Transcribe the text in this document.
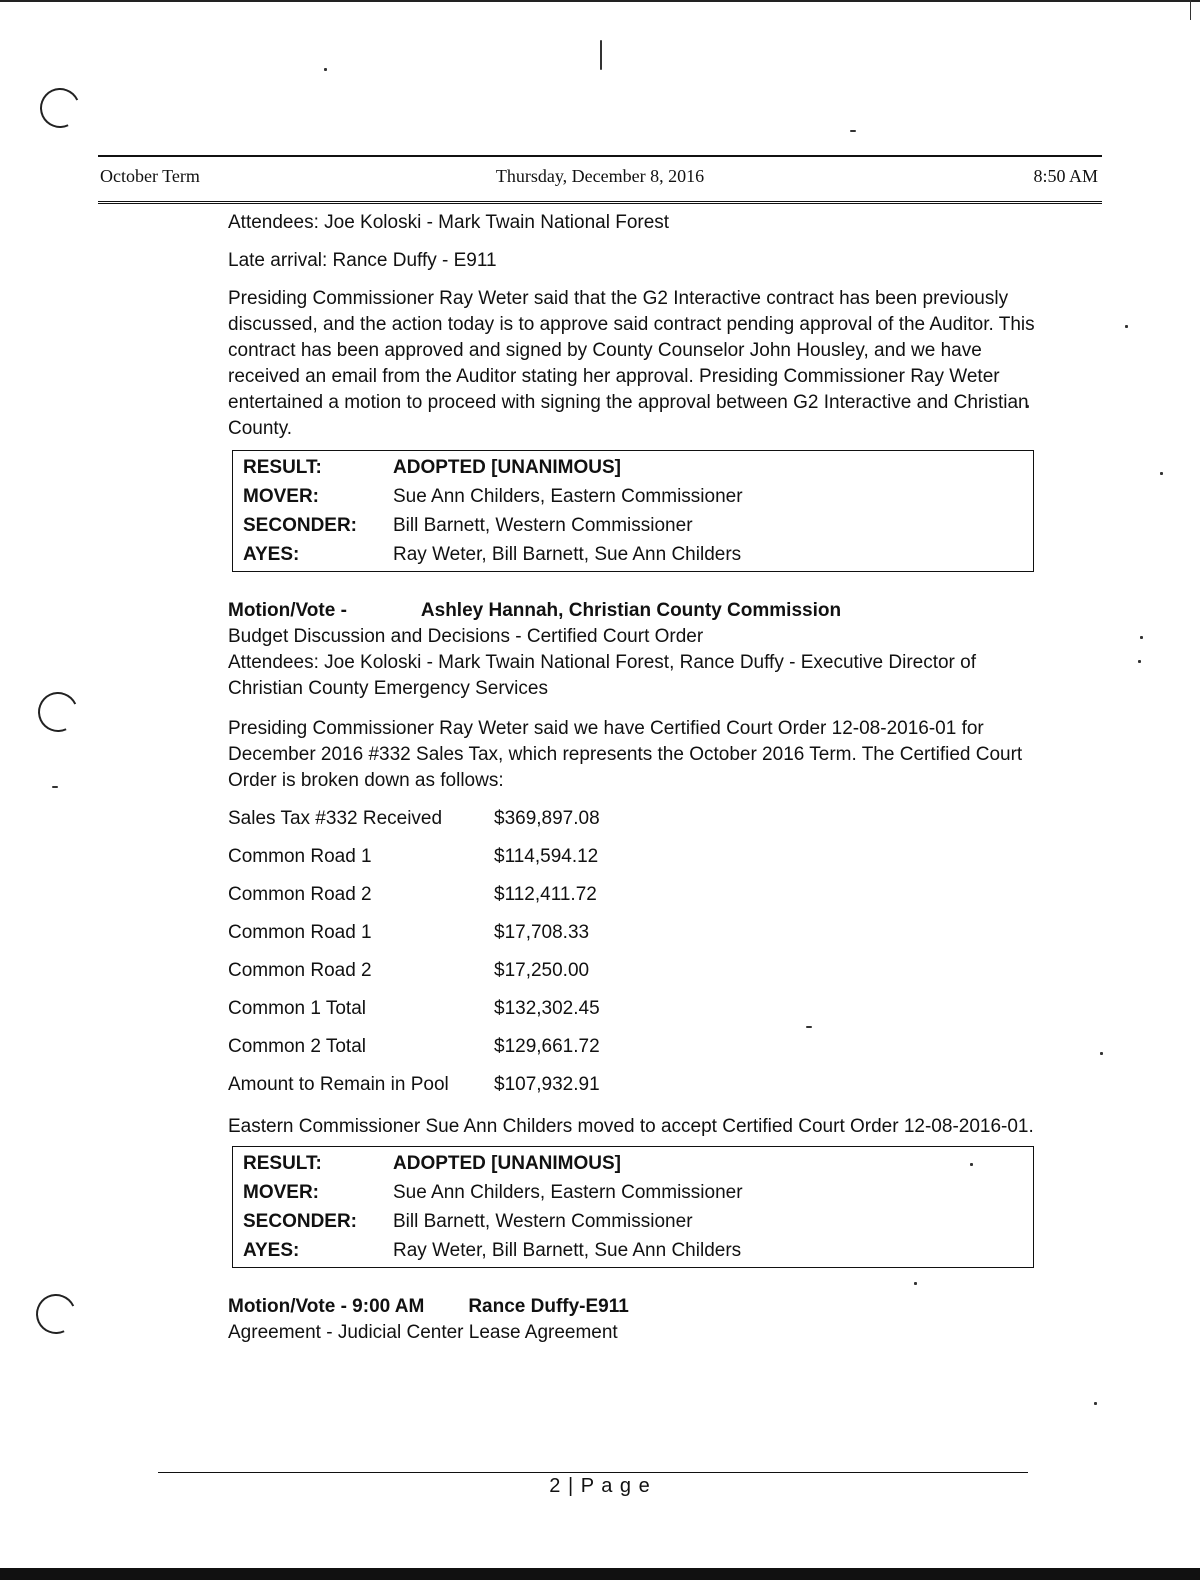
October Term	Thursday, December 8, 2016	8:50 AM

Attendees: Joe Koloski - Mark Twain National Forest

Late arrival: Rance Duffy - E911

Presiding Commissioner Ray Weter said that the G2 Interactive contract has been previously discussed, and the action today is to approve said contract pending approval of the Auditor. This contract has been approved and signed by County Counselor John Housley, and we have received an email from the Auditor stating her approval. Presiding Commissioner Ray Weter entertained a motion to proceed with signing the approval between G2 Interactive and Christian County.

RESULT:	ADOPTED [UNANIMOUS]
MOVER:	Sue Ann Childers, Eastern Commissioner
SECONDER:	Bill Barnett, Western Commissioner
AYES:	Ray Weter, Bill Barnett, Sue Ann Childers
Motion/Vote -	Ashley Hannah, Christian County Commission

Budget Discussion and Decisions - Certified Court Order

Attendees: Joe Koloski - Mark Twain National Forest, Rance Duffy - Executive Director of Christian County Emergency Services

Presiding Commissioner Ray Weter said we have Certified Court Order 12-08-2016-01 for December 2016 #332 Sales Tax, which represents the October 2016 Term. The Certified Court Order is broken down as follows:

Sales Tax #332 Received	$369,897.08
Common Road 1	$114,594.12
Common Road 2	$112,411.72
Common Road 1	$17,708.33
Common Road 2	$17,250.00
Common 1 Total	$132,302.45
Common 2 Total	$129,661.72
Amount to Remain in Pool	$107,932.91

Eastern Commissioner Sue Ann Childers moved to accept Certified Court Order 12-08-2016-01.

RESULT:	ADOPTED [UNANIMOUS]
MOVER:	Sue Ann Childers, Eastern Commissioner
SECONDER:	Bill Barnett, Western Commissioner
AYES:	Ray Weter, Bill Barnett, Sue Ann Childers
Motion/Vote - 9:00 AM Rance Duffy-E911

Agreement - Judicial Center Lease Agreement

2 | P a g e
